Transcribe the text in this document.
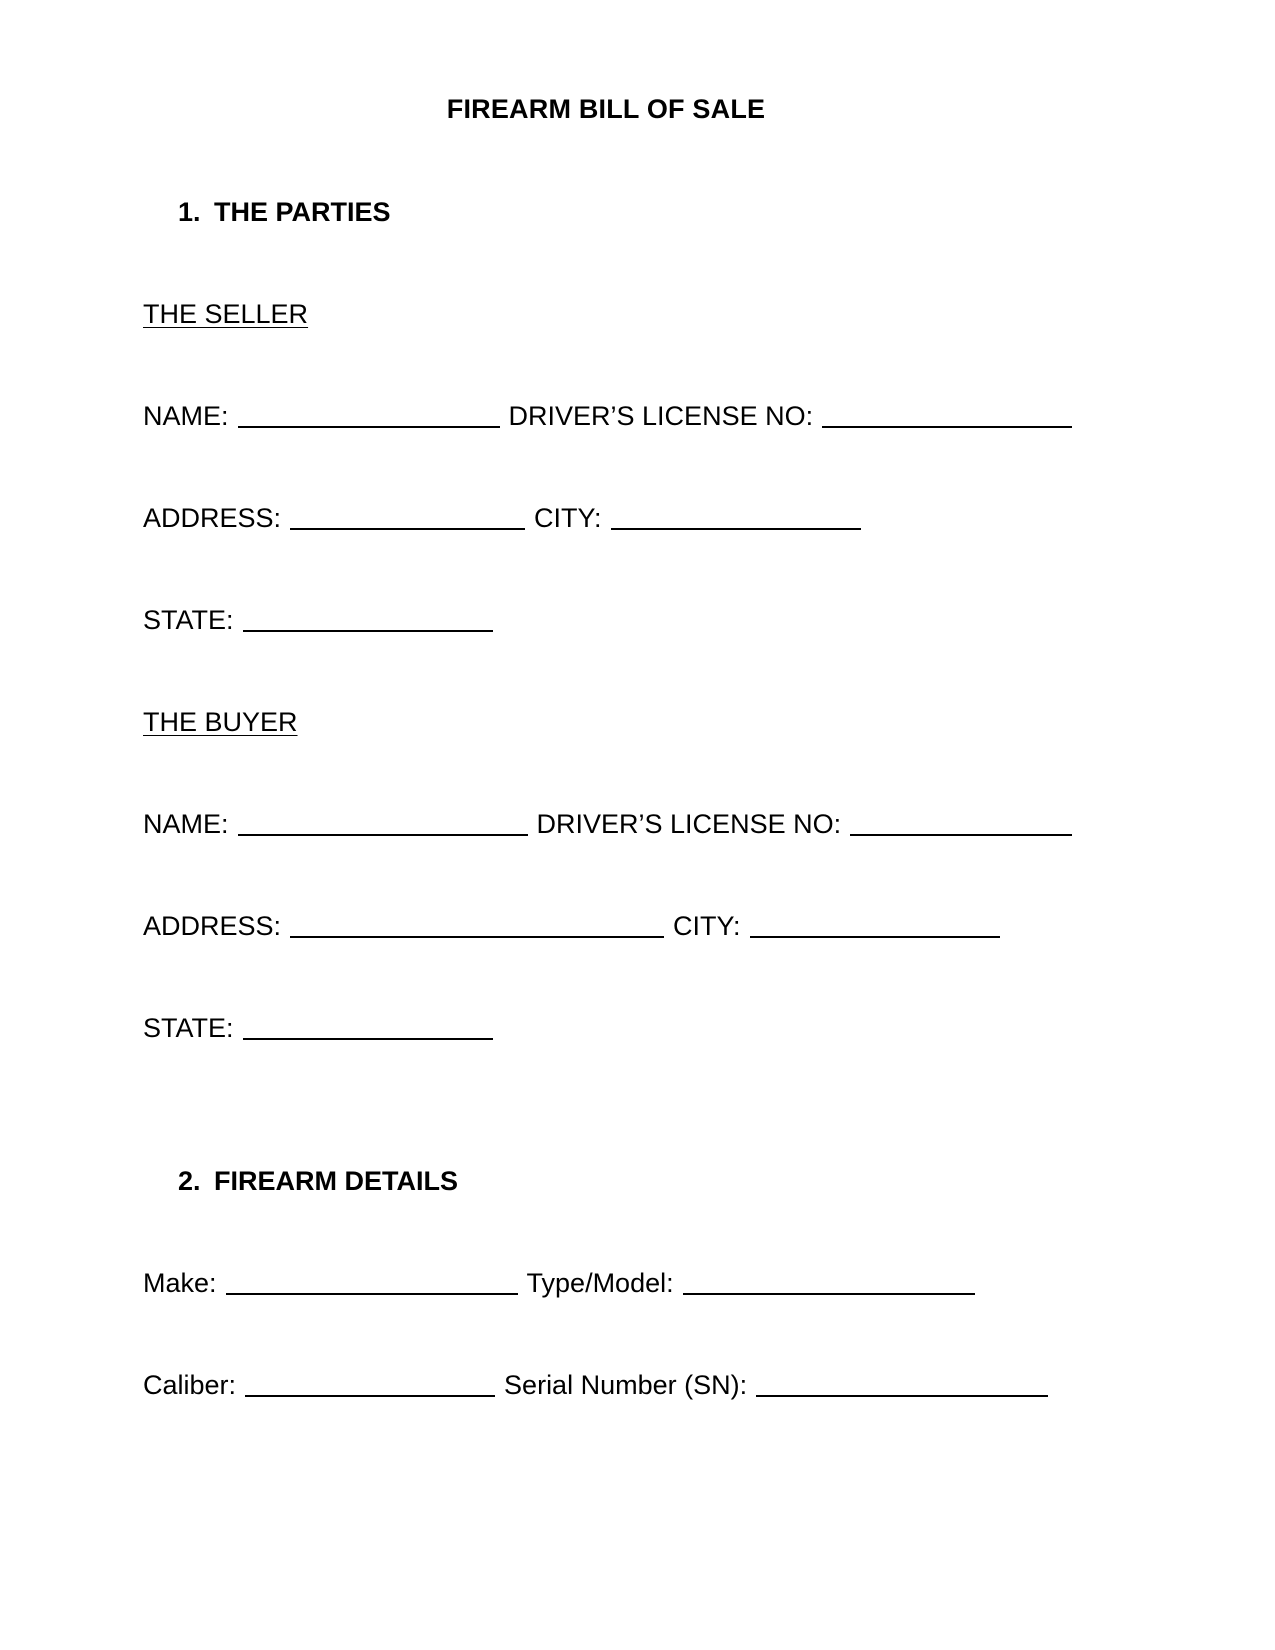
FIREARM BILL OF SALE
1. THE PARTIES
THE SELLER
NAME:	DRIVER’S LICENSE NO:
ADDRESS:	CITY:
STATE:
THE BUYER
NAME:	DRIVER’S LICENSE NO:
ADDRESS:	CITY:
STATE:
2. FIREARM DETAILS
Make:	Type/Model:
Caliber:	Serial Number (SN):
